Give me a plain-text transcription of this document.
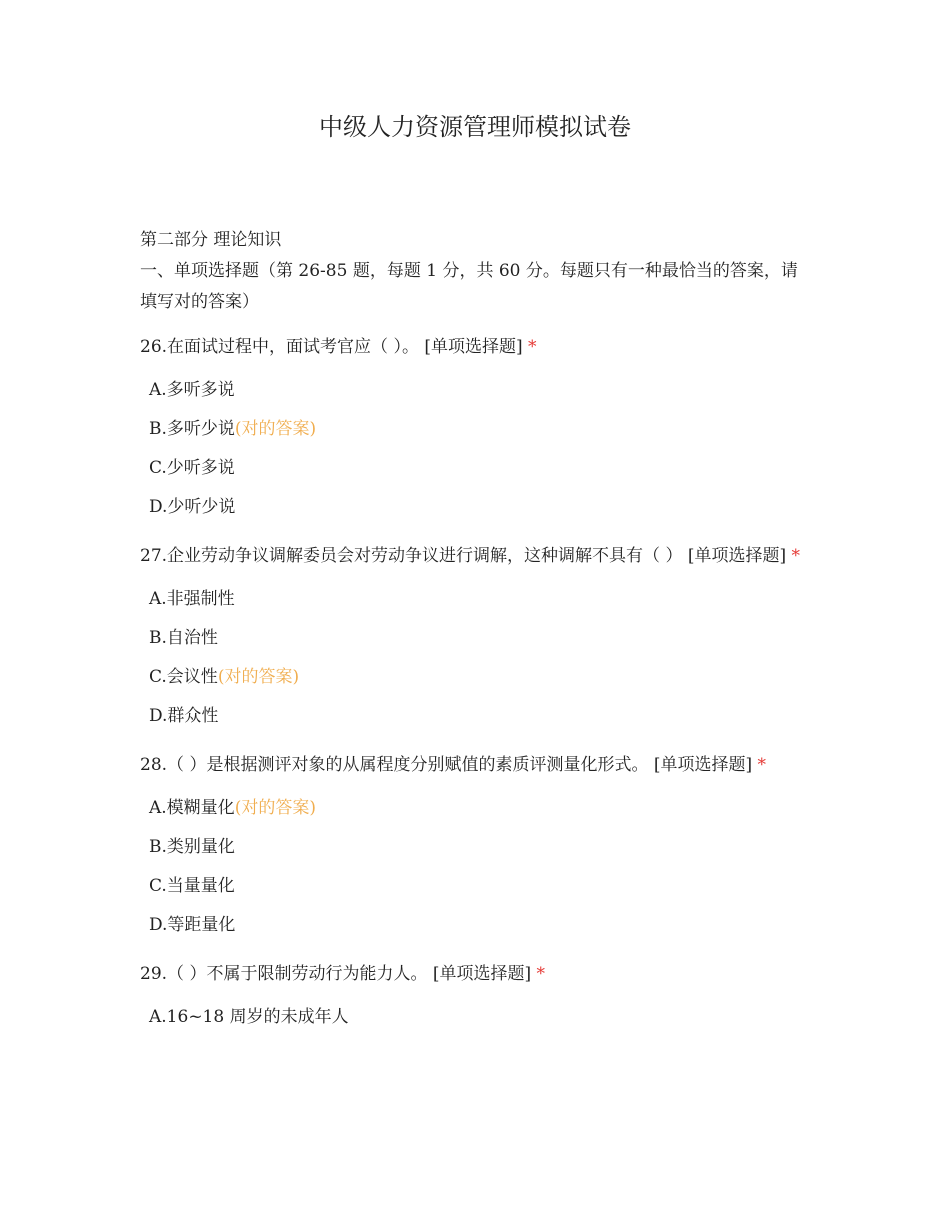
中级人力资源管理师模拟试卷

第二部分 理论知识

一、单项选择题（第 26-85 题，每题 1 分，共 60 分。每题只有一种最恰当的答案，请填写对的答案）

26.在面试过程中，面试考官应（ ）。 [单项选择题] *

A.多听多说

B.多听少说(对的答案)

C.少听多说

D.少听少说

27.企业劳动争议调解委员会对劳动争议进行调解，这种调解不具有（ ） [单项选择题] *

A.非强制性

B.自治性

C.会议性(对的答案)

D.群众性

28.（ ）是根据测评对象的从属程度分别赋值的素质评测量化形式。 [单项选择题] *

A.模糊量化(对的答案)

B.类别量化

C.当量量化

D.等距量化

29.（ ）不属于限制劳动行为能力人。 [单项选择题] *

A.16~18 周岁的未成年人
